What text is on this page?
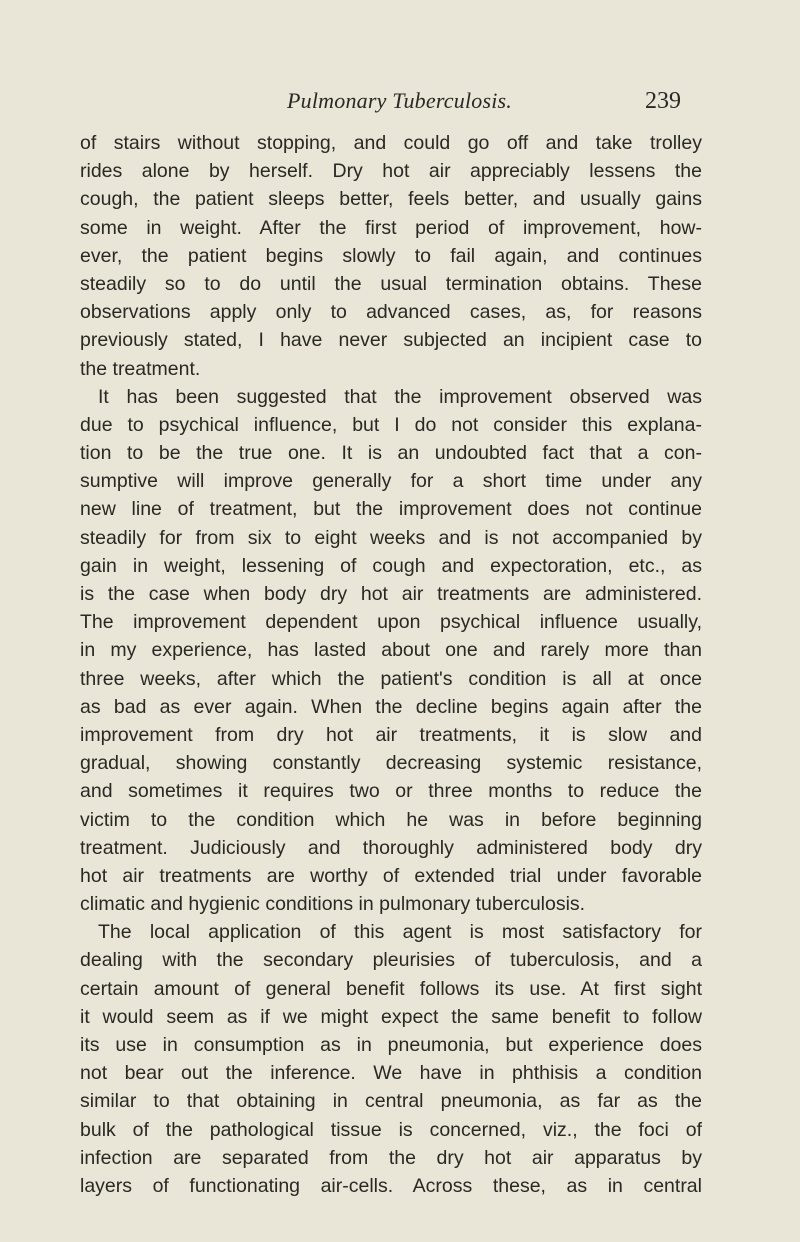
Pulmonary Tuberculosis.	239
of stairs without stopping, and could go off and take trolley
rides alone by herself. Dry hot air appreciably lessens the
cough, the patient sleeps better, feels better, and usually gains
some in weight. After the first period of improvement, how-
ever, the patient begins slowly to fail again, and continues
steadily so to do until the usual termination obtains. These
observations apply only to advanced cases, as, for reasons
previously stated, I have never subjected an incipient case to
the treatment.
It has been suggested that the improvement observed was
due to psychical influence, but I do not consider this explana-
tion to be the true one. It is an undoubted fact that a con-
sumptive will improve generally for a short time under any
new line of treatment, but the improvement does not continue
steadily for from six to eight weeks and is not accompanied by
gain in weight, lessening of cough and expectoration, etc., as
is the case when body dry hot air treatments are administered.
The improvement dependent upon psychical influence usually,
in my experience, has lasted about one and rarely more than
three weeks, after which the patient's condition is all at once
as bad as ever again. When the decline begins again after the
improvement from dry hot air treatments, it is slow and
gradual, showing constantly decreasing systemic resistance,
and sometimes it requires two or three months to reduce the
victim to the condition which he was in before beginning
treatment. Judiciously and thoroughly administered body dry
hot air treatments are worthy of extended trial under favorable
climatic and hygienic conditions in pulmonary tuberculosis.
The local application of this agent is most satisfactory for
dealing with the secondary pleurisies of tuberculosis, and a
certain amount of general benefit follows its use. At first sight
it would seem as if we might expect the same benefit to follow
its use in consumption as in pneumonia, but experience does
not bear out the inference. We have in phthisis a condition
similar to that obtaining in central pneumonia, as far as the
bulk of the pathological tissue is concerned, viz., the foci of
infection are separated from the dry hot air apparatus by
layers of functionating air-cells. Across these, as in central
